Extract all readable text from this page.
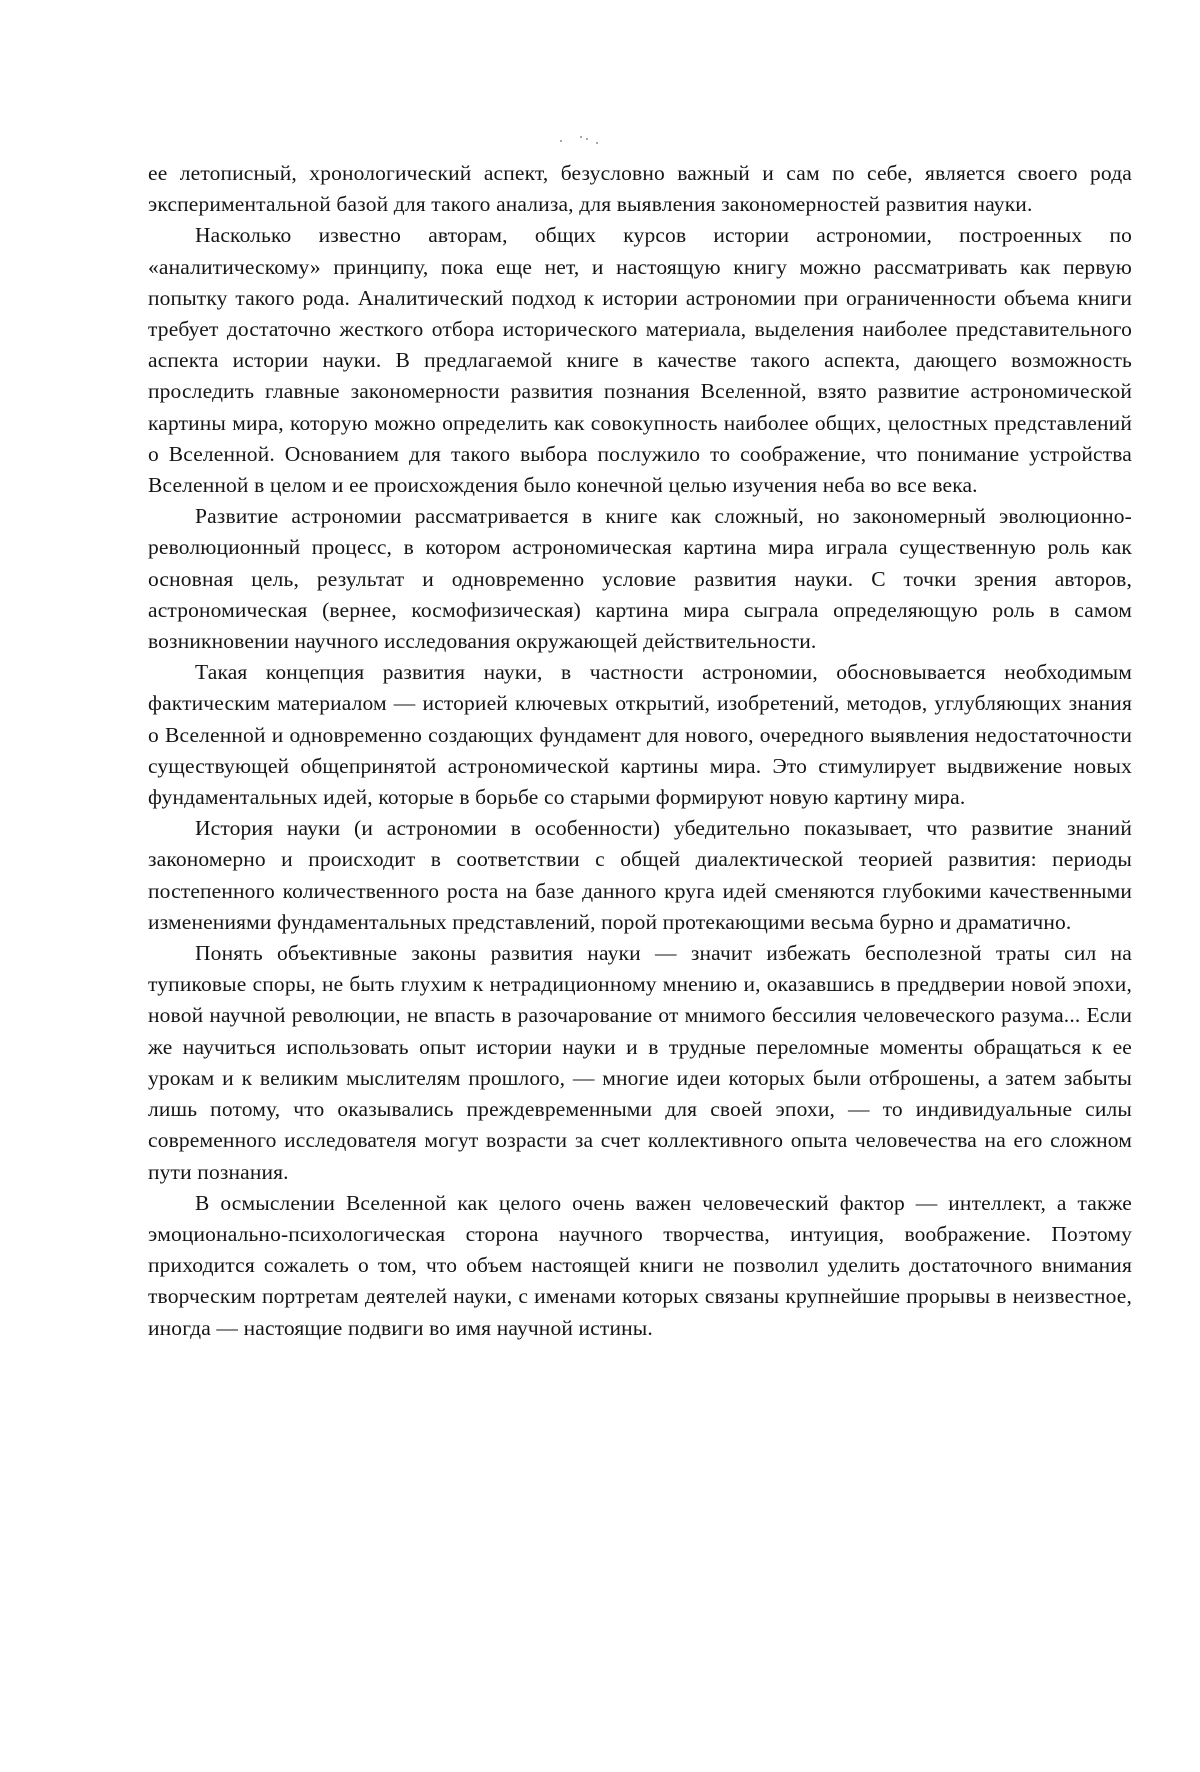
ее летописный, хронологический аспект, безусловно важный и сам по себе, является своего рода экспериментальной базой для такого анализа, для выявления закономерностей развития науки.

Насколько известно авторам, общих курсов истории астрономии, построенных по «аналитическому» принципу, пока еще нет, и настоящую книгу можно рассматривать как первую попытку такого рода. Аналитический подход к истории астрономии при ограниченности объема книги требует достаточно жесткого отбора исторического материала, выделения наиболее представительного аспекта истории науки. В предлагаемой книге в качестве такого аспекта, дающего возможность проследить главные закономерности развития познания Вселенной, взято развитие астрономической картины мира, которую можно определить как совокупность наиболее общих, целостных представлений о Вселенной. Основанием для такого выбора послужило то соображение, что понимание устройства Вселенной в целом и ее происхождения было конечной целью изучения неба во все века.

Развитие астрономии рассматривается в книге как сложный, но закономерный эволюционно-революционный процесс, в котором астрономическая картина мира играла существенную роль как основная цель, результат и одновременно условие развития науки. С точки зрения авторов, астрономическая (вернее, космофизическая) картина мира сыграла определяющую роль в самом возникновении научного исследования окружающей действительности.

Такая концепция развития науки, в частности астрономии, обосновывается необходимым фактическим материалом — историей ключевых открытий, изобретений, методов, углубляющих знания о Вселенной и одновременно создающих фундамент для нового, очередного выявления недостаточности существующей общепринятой астрономической картины мира. Это стимулирует выдвижение новых фундаментальных идей, которые в борьбе со старыми формируют новую картину мира.

История науки (и астрономии в особенности) убедительно показывает, что развитие знаний закономерно и происходит в соответствии с общей диалектической теорией развития: периоды постепенного количественного роста на базе данного круга идей сменяются глубокими качественными изменениями фундаментальных представлений, порой протекающими весьма бурно и драматично.

Понять объективные законы развития науки — значит избежать бесполезной траты сил на тупиковые споры, не быть глухим к нетрадиционному мнению и, оказавшись в преддверии новой эпохи, новой научной революции, не впасть в разочарование от мнимого бессилия человеческого разума... Если же научиться использовать опыт истории науки и в трудные переломные моменты обращаться к ее урокам и к великим мыслителям прошлого, — многие идеи которых были отброшены, а затем забыты лишь потому, что оказывались преждевременными для своей эпохи, — то индивидуальные силы современного исследователя могут возрасти за счет коллективного опыта человечества на его сложном пути познания.

В осмыслении Вселенной как целого очень важен человеческий фактор — интеллект, а также эмоционально-психологическая сторона научного творчества, интуиция, воображение. Поэтому приходится сожалеть о том, что объем настоящей книги не позволил уделить достаточного внимания творческим портретам деятелей науки, с именами которых связаны крупнейшие прорывы в неизвестное, иногда — настоящие подвиги во имя научной истины.
